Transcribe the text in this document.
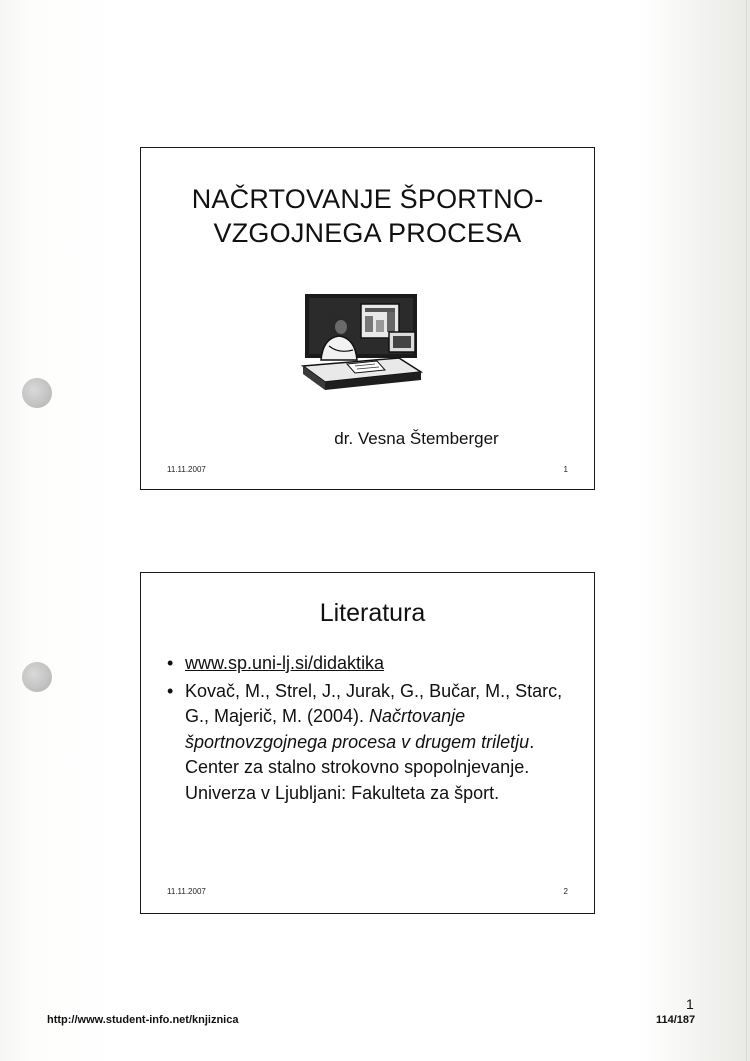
NAČRTOVANJE ŠPORTNO-
VZGOJNEGA PROCESA
dr. Vesna Štemberger
11.11.2007	1
Literatura
• www.sp.uni-lj.si/didaktika
• Kovač, M., Strel, J., Jurak, G., Bučar, M., Starc, G., Majerič, M. (2004). Načrtovanje športnovzgojnega procesa v drugem triletju. Center za stalno strokovno spopolnjevanje. Univerza v Ljubljani: Fakulteta za šport.
11.11.2007	2
http://www.student-info.net/knjiznica
1
114/187
